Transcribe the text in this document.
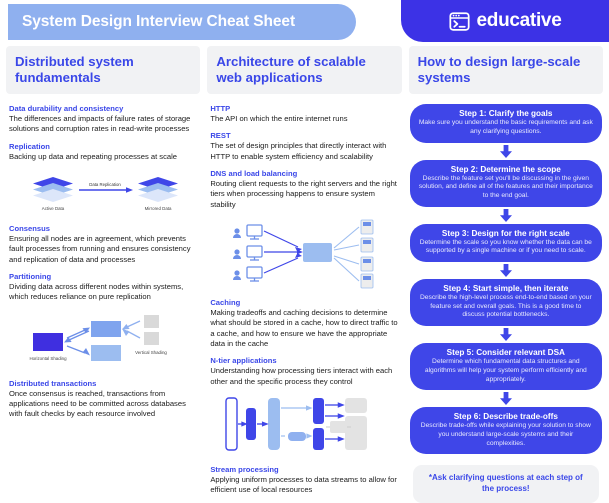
System Design Interview Cheat Sheet	educative
Distributed system fundamentals
Data durability and consistency
The differences and impacts of failure rates of storage solutions and corruption rates in read-write processes
Replication
Backing up data and repeating processes at scale
Data Replication
Active Data	Mirrored Data
Consensus
Ensuring all nodes are in agreement, which prevents fault processes from running and ensures consistency and replication of data and processes
Partitioning
Dividing data across different nodes within systems, which reduces reliance on pure replication
Horizontal Shading
Vertical Shading
Distributed transactions
Once consensus is reached, transactions from applications need to be committed across databases with fault checks by each resource involved
Architecture of scalable web applications
HTTP
The API on which the entire internet runs
REST
The set of design principles that directly interact with HTTP to enable system efficiency and scalability
DNS and load balancing
Routing client requests to the right servers and the right tiers when processing happens to ensure system stability
Caching
Making tradeoffs and caching decisions to determine what should be stored in a cache, how to direct traffic to a cache, and how to ensure we have the appropriate data in the cache
N-tier applications
Understanding how processing tiers interact with each other and the specific process they control
Stream processing
Applying uniform processes to data streams to allow for efficient use of local resources
How to design large-scale systems
Step 1: Clarify the goals
Make sure you understand the basic requirements and ask any clarifying questions.
Step 2: Determine the scope
Describe the feature set you'll be discussing in the given solution, and define all of the features and their importance to the end goal.
Step 3: Design for the right scale
Determine the scale so you know whether the data can be supported by a single machine or if you need to scale.
Step 4: Start simple, then iterate
Describe the high-level process end-to-end based on your feature set and overall goals. This is a good time to discuss potential bottlenecks.
Step 5: Consider relevant DSA
Determine which fundamental data structures and algorithms will help your system perform efficiently and appropriately.
Step 6: Describe trade-offs
Describe trade-offs while explaining your solution to show you understand large-scale systems and their complexities.
*Ask clarifying questions at each step of the process!
